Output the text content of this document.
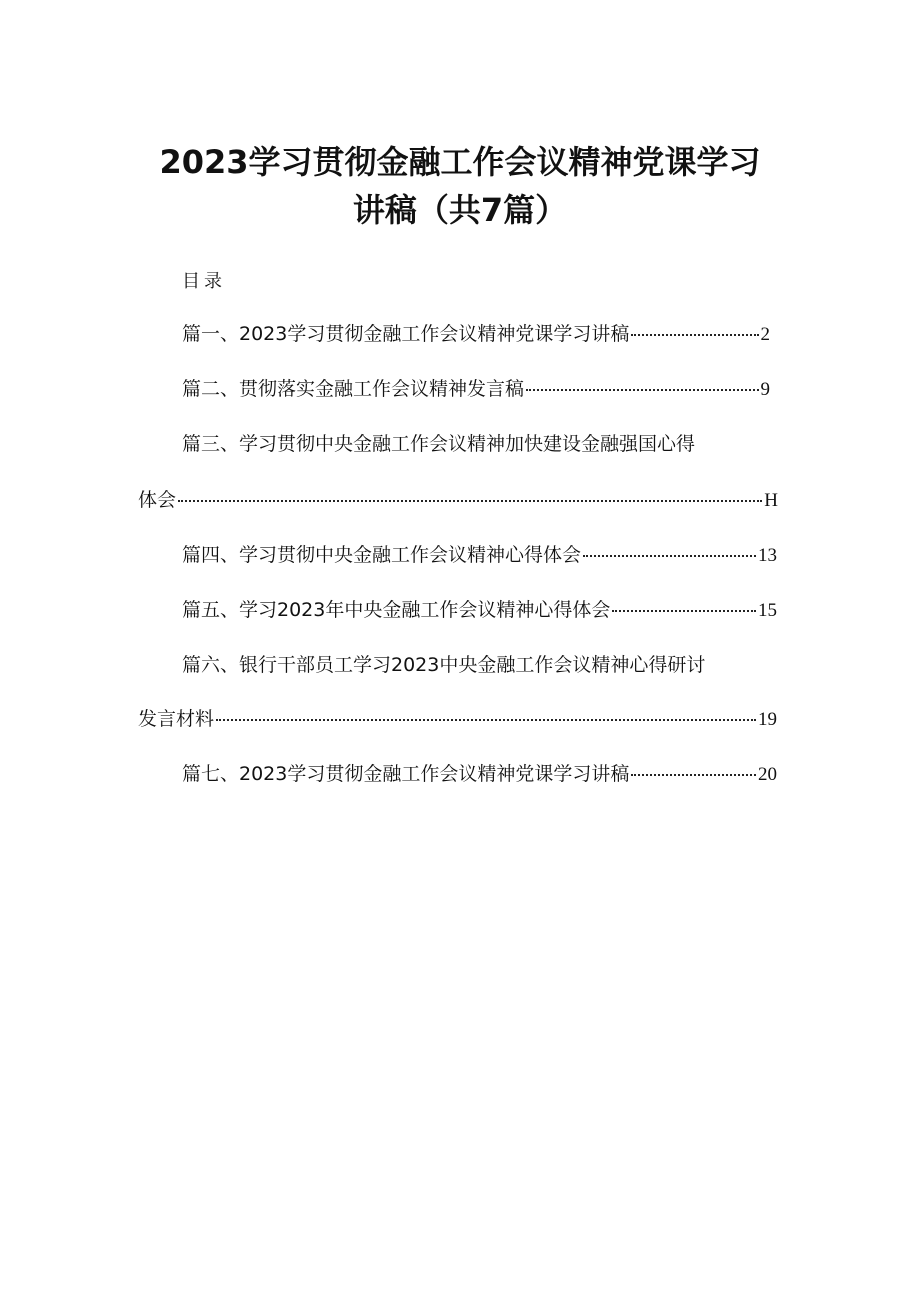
2023学习贯彻金融工作会议精神党课学习
讲稿（共7篇）
目录
篇一、2023学习贯彻金融工作会议精神党课学习讲稿	2
篇二、贯彻落实金融工作会议精神发言稿	9
篇三、学习贯彻中央金融工作会议精神加快建设金融强国心得
体会	H
篇四、学习贯彻中央金融工作会议精神心得体会	13
篇五、学习2023年中央金融工作会议精神心得体会	15
篇六、银行干部员工学习2023中央金融工作会议精神心得研讨
发言材料	19
篇七、2023学习贯彻金融工作会议精神党课学习讲稿	20
